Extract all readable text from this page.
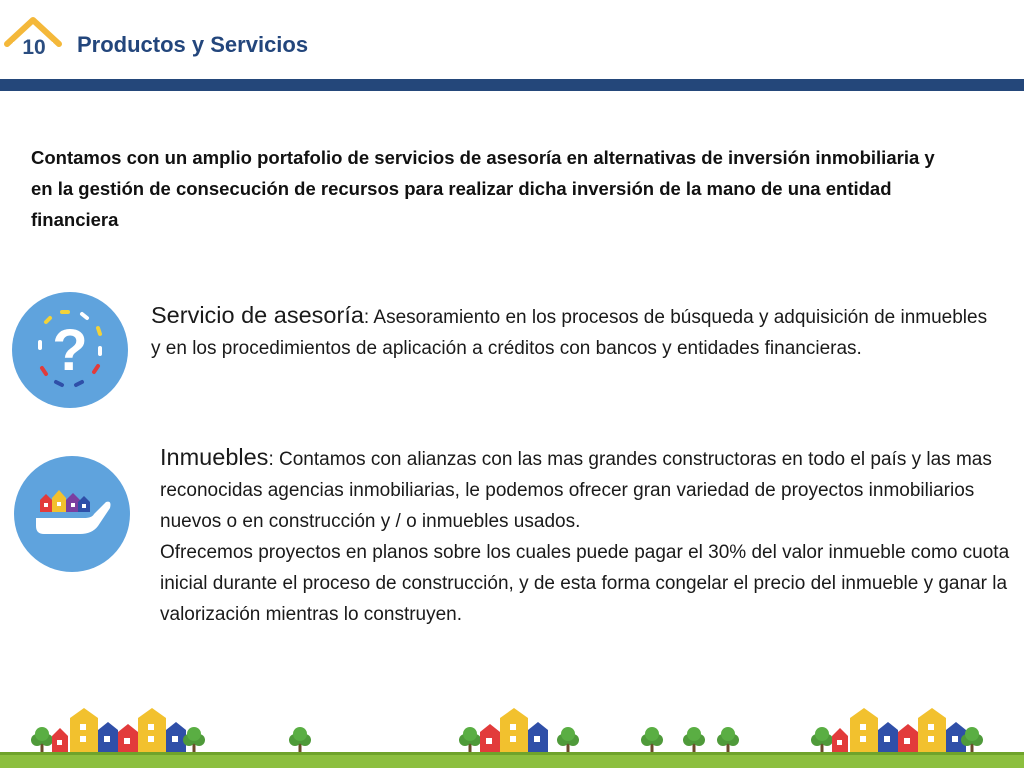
10	Productos y Servicios
Contamos con un amplio portafolio de servicios de asesoría en alternativas de inversión inmobiliaria y en la gestión de consecución de recursos para realizar dicha inversión de la mano de una entidad financiera
?
Servicio de asesoría: Asesoramiento en los procesos de búsqueda y adquisición de inmuebles y en los procedimientos de aplicación a créditos con bancos y entidades financieras.

Inmuebles: Contamos con alianzas con las mas grandes constructoras en todo el país y las mas reconocidas agencias inmobiliarias, le podemos ofrecer gran variedad de proyectos inmobiliarios nuevos o en construcción y / o inmuebles usados.

Ofrecemos proyectos en planos sobre los cuales puede pagar el 30% del valor inmueble como cuota inicial durante el proceso de construcción, y de esta forma congelar el precio del inmueble y ganar la valorización mientras lo construyen.
